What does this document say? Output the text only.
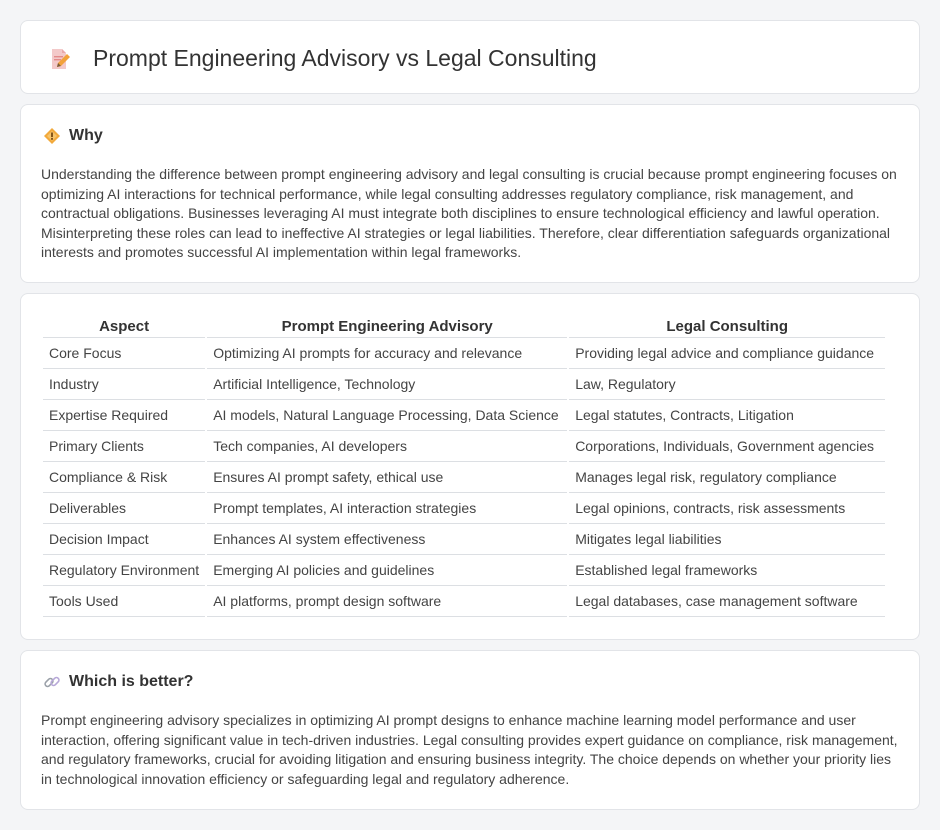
Prompt Engineering Advisory vs Legal Consulting
Why

Understanding the difference between prompt engineering advisory and legal consulting is crucial because prompt engineering focuses on optimizing AI interactions for technical performance, while legal consulting addresses regulatory compliance, risk management, and contractual obligations. Businesses leveraging AI must integrate both disciplines to ensure technological efficiency and lawful operation. Misinterpreting these roles can lead to ineffective AI strategies or legal liabilities. Therefore, clear differentiation safeguards organizational interests and promotes successful AI implementation within legal frameworks.

Aspect	Prompt Engineering Advisory	Legal Consulting
Core Focus	Optimizing AI prompts for accuracy and relevance	Providing legal advice and compliance guidance
Industry	Artificial Intelligence, Technology	Law, Regulatory
Expertise Required	AI models, Natural Language Processing, Data Science	Legal statutes, Contracts, Litigation
Primary Clients	Tech companies, AI developers	Corporations, Individuals, Government agencies
Compliance & Risk	Ensures AI prompt safety, ethical use	Manages legal risk, regulatory compliance
Deliverables	Prompt templates, AI interaction strategies	Legal opinions, contracts, risk assessments
Decision Impact	Enhances AI system effectiveness	Mitigates legal liabilities
Regulatory Environment	Emerging AI policies and guidelines	Established legal frameworks
Tools Used	AI platforms, prompt design software	Legal databases, case management software
Which is better?

Prompt engineering advisory specializes in optimizing AI prompt designs to enhance machine learning model performance and user interaction, offering significant value in tech-driven industries. Legal consulting provides expert guidance on compliance, risk management, and regulatory frameworks, crucial for avoiding litigation and ensuring business integrity. The choice depends on whether your priority lies in technological innovation efficiency or safeguarding legal and regulatory adherence.
